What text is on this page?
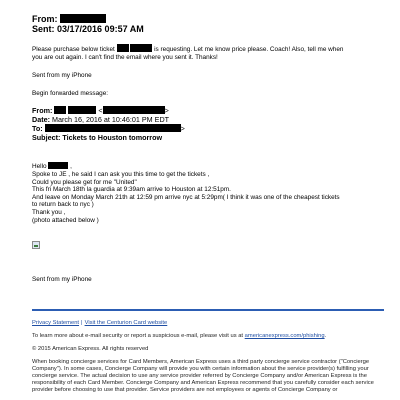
From:
Sent: 03/17/2016 09:57 AM
Please purchase below ticket	is requesting. Let me know price please. Coach! Also, tell me when
you are out again. I can't find the email where you sent it. Thanks!
Sent from my iPhone
Begin forwarded message:
From:	<	>
Date: March 16, 2016 at 10:46:01 PM EDT
To:	>
Subject: Tickets to Houston tomorrow
Hello	,
Spoke to JE , he said I can ask you this time to get the tickets ,
Could you please get for me "United"
This fri March 18th la guardia at 9:39am arrive to Houston at 12:51pm.
And leave on Monday March 21th at 12:59 pm arrive nyc at 5:29pm( I think it was one of the cheapest tickets
to return back to nyc )
Thank you ,
(photo attached below )
Sent from my iPhone

Privacy Statement | Visit the Centurion Card website

To learn more about e-mail security or report a suspicious e-mail, please visit us at americanexpress.com/phishing.

© 2015 American Express. All rights reserved

When booking concierge services for Card Members, American Express uses a third party concierge service contractor ("Concierge Company"). In some cases, Concierge Company will provide you with certain information about the service provider(s) fulfilling your concierge service. The actual decision to use any service provider referred by Concierge Company and/or American Express is the responsibility of each Card Member. Concierge Company and American Express recommend that you carefully consider each service provider before choosing to use that provider. Service providers are not employees or agents of Concierge Company or
